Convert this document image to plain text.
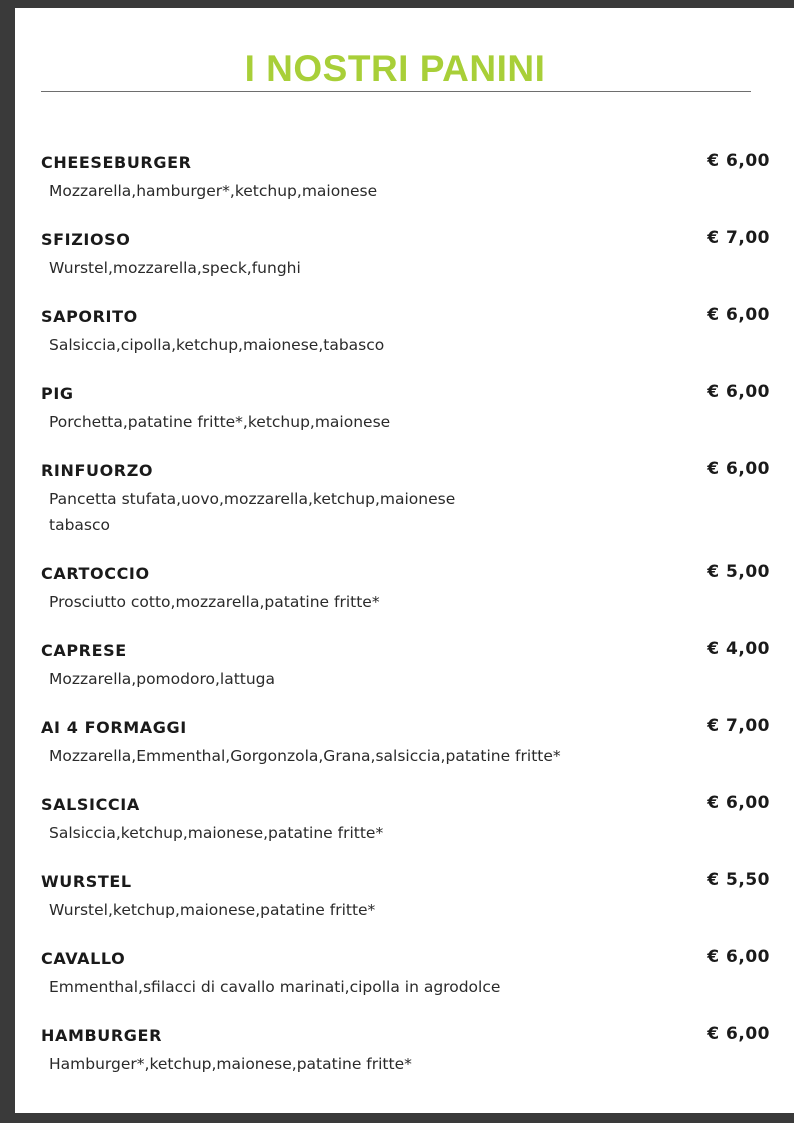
I NOSTRI PANINI
CHEESEBURGER	€ 6,00
Mozzarella,hamburger*,ketchup,maionese
SFIZIOSO	€ 7,00
Wurstel,mozzarella,speck,funghi
SAPORITO	€ 6,00
Salsiccia,cipolla,ketchup,maionese,tabasco
PIG	€ 6,00
Porchetta,patatine fritte*,ketchup,maionese
RINFUORZO	€ 6,00
Pancetta stufata,uovo,mozzarella,ketchup,maionese
tabasco
CARTOCCIO	€ 5,00
Prosciutto cotto,mozzarella,patatine fritte*
CAPRESE	€ 4,00
Mozzarella,pomodoro,lattuga
AI 4 FORMAGGI	€ 7,00
Mozzarella,Emmenthal,Gorgonzola,Grana,salsiccia,patatine fritte*
SALSICCIA	€ 6,00
Salsiccia,ketchup,maionese,patatine fritte*
WURSTEL	€ 5,50
Wurstel,ketchup,maionese,patatine fritte*
CAVALLO	€ 6,00
Emmenthal,sfilacci di cavallo marinati,cipolla in agrodolce
HAMBURGER	€ 6,00
Hamburger*,ketchup,maionese,patatine fritte*
